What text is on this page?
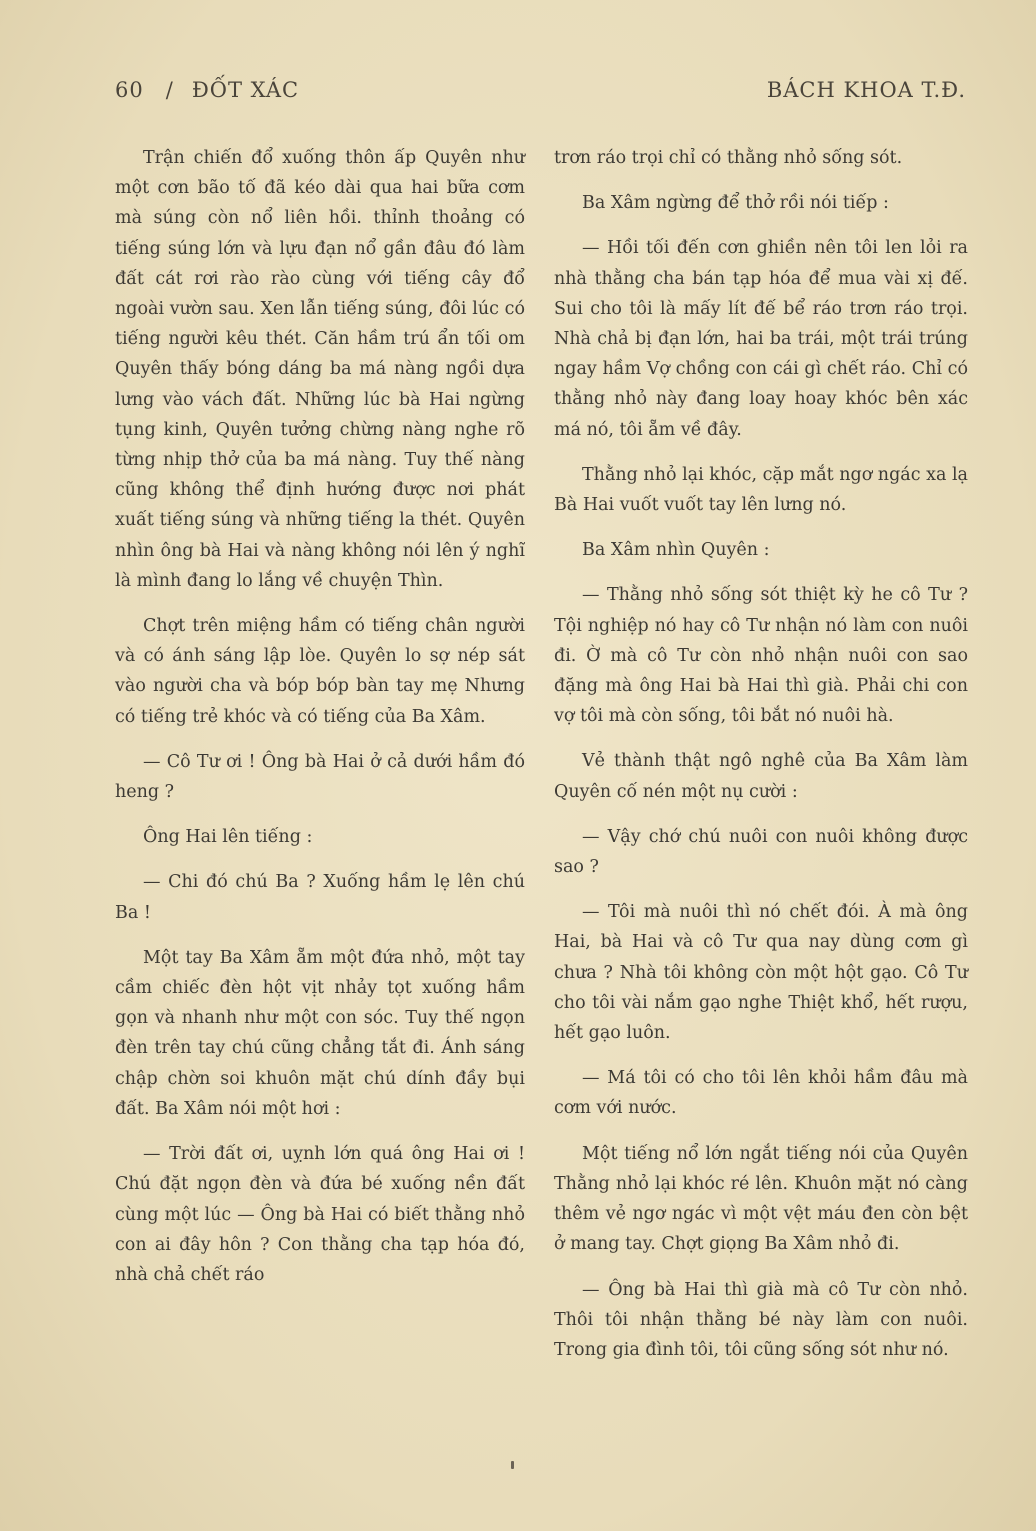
60 / ĐỐT XÁC	BÁCH KHOA T.Đ.

Trận chiến đổ xuống thôn ấp Quyên như một cơn bão tố đã kéo dài qua hai bữa cơm mà súng còn nổ liên hồi. thỉnh thoảng có tiếng súng lớn và lựu đạn nổ gần đâu đó làm đất cát rơi rào rào cùng với tiếng cây đổ ngoài vườn sau. Xen lẫn tiếng súng, đôi lúc có tiếng người kêu thét. Căn hầm trú ẩn tối om Quyên thấy bóng dáng ba má nàng ngồi dựa lưng vào vách đất. Những lúc bà Hai ngừng tụng kinh, Quyên tưởng chừng nàng nghe rõ từng nhịp thở của ba má nàng. Tuy thế nàng cũng không thể định hướng được nơi phát xuất tiếng súng và những tiếng la thét. Quyên nhìn ông bà Hai và nàng không nói lên ý nghĩ là mình đang lo lắng về chuyện Thìn.

Chợt trên miệng hầm có tiếng chân người và có ánh sáng lập lòe. Quyên lo sợ nép sát vào người cha và bóp bóp bàn tay mẹ Nhưng có tiếng trẻ khóc và có tiếng của Ba Xâm.

— Cô Tư ơi ! Ông bà Hai ở cả dưới hầm đó heng ?

Ông Hai lên tiếng :

— Chi đó chú Ba ? Xuống hầm lẹ lên chú Ba !

Một tay Ba Xâm ẵm một đứa nhỏ, một tay cầm chiếc đèn hột vịt nhảy tọt xuống hầm gọn và nhanh như một con sóc. Tuy thế ngọn đèn trên tay chú cũng chẳng tắt đi. Ánh sáng chập chờn soi khuôn mặt chú dính đầy bụi đất. Ba Xâm nói một hơi :

— Trời đất ơi, uỵnh lớn quá ông Hai ơi ! Chú đặt ngọn đèn và đứa bé xuống nền đất cùng một lúc — Ông bà Hai có biết thằng nhỏ con ai đây hôn ? Con thằng cha tạp hóa đó, nhà chả chết ráo

trơn ráo trọi chỉ có thằng nhỏ sống sót.

Ba Xâm ngừng để thở rồi nói tiếp :

— Hồi tối đến cơn ghiền nên tôi len lỏi ra nhà thằng cha bán tạp hóa để mua vài xị đế. Sui cho tôi là mấy lít đế bể ráo trơn ráo trọi. Nhà chả bị đạn lớn, hai ba trái, một trái trúng ngay hầm Vợ chồng con cái gì chết ráo. Chỉ có thằng nhỏ này đang loay hoay khóc bên xác má nó, tôi ẵm về đây.

Thằng nhỏ lại khóc, cặp mắt ngơ ngác xa lạ Bà Hai vuốt vuốt tay lên lưng nó.

Ba Xâm nhìn Quyên :

— Thằng nhỏ sống sót thiệt kỳ he cô Tư ? Tội nghiệp nó hay cô Tư nhận nó làm con nuôi đi. Ờ mà cô Tư còn nhỏ nhận nuôi con sao đặng mà ông Hai bà Hai thì già. Phải chi con vợ tôi mà còn sống, tôi bắt nó nuôi hà.

Vẻ thành thật ngô nghê của Ba Xâm làm Quyên cố nén một nụ cười :

— Vậy chớ chú nuôi con nuôi không được sao ?

— Tôi mà nuôi thì nó chết đói. À mà ông Hai, bà Hai và cô Tư qua nay dùng cơm gì chưa ? Nhà tôi không còn một hột gạo. Cô Tư cho tôi vài nắm gạo nghe Thiệt khổ, hết rượu, hết gạo luôn.

— Má tôi có cho tôi lên khỏi hầm đâu mà cơm với nước.

Một tiếng nổ lớn ngắt tiếng nói của Quyên Thằng nhỏ lại khóc ré lên. Khuôn mặt nó càng thêm vẻ ngơ ngác vì một vệt máu đen còn bệt ở mang tay. Chợt giọng Ba Xâm nhỏ đi.

— Ông bà Hai thì già mà cô Tư còn nhỏ. Thôi tôi nhận thằng bé này làm con nuôi. Trong gia đình tôi, tôi cũng sống sót như nó.
